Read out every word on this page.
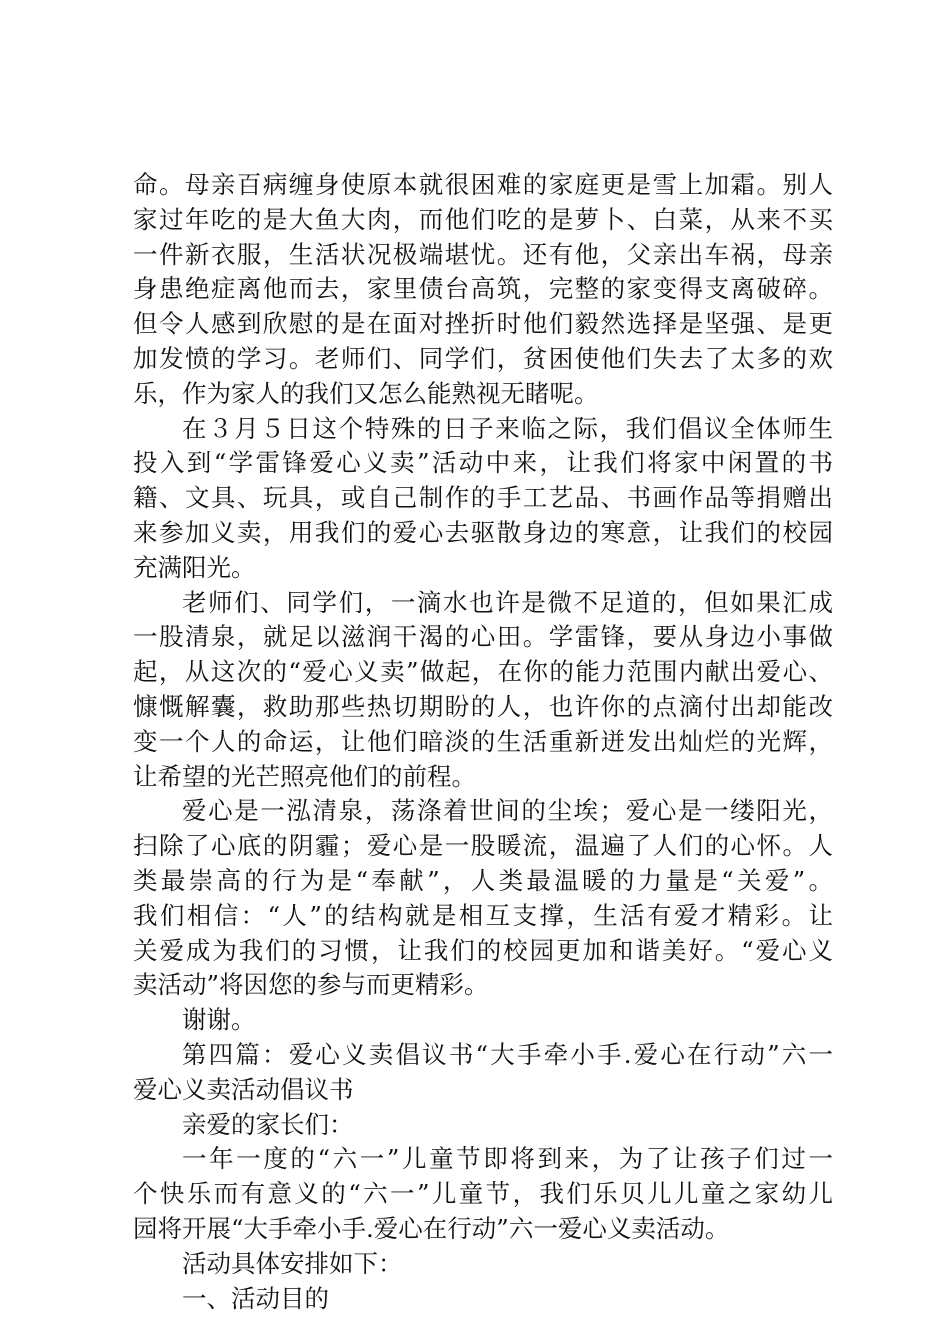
命。母亲百病缠身使原本就很困难的家庭更是雪上加霜。别人
家过年吃的是大鱼大肉，而他们吃的是萝卜、白菜，从来不买
一件新衣服，生活状况极端堪忧。还有他，父亲出车祸，母亲
身患绝症离他而去，家里债台高筑，完整的家变得支离破碎。
但令人感到欣慰的是在面对挫折时他们毅然选择是坚强、是更
加发愤的学习。老师们、同学们，贫困使他们失去了太多的欢
乐，作为家人的我们又怎么能熟视无睹呢。
在３月５日这个特殊的日子来临之际，我们倡议全体师生
投入到“学雷锋爱心义卖”活动中来，让我们将家中闲置的书
籍、文具、玩具，或自己制作的手工艺品、书画作品等捐赠出
来参加义卖，用我们的爱心去驱散身边的寒意，让我们的校园
充满阳光。
老师们、同学们，一滴水也许是微不足道的，但如果汇成
一股清泉，就足以滋润干渴的心田。学雷锋，要从身边小事做
起，从这次的“爱心义卖”做起，在你的能力范围内献出爱心、
慷慨解囊，救助那些热切期盼的人，也许你的点滴付出却能改
变一个人的命运，让他们暗淡的生活重新迸发出灿烂的光辉，
让希望的光芒照亮他们的前程。
爱心是一泓清泉，荡涤着世间的尘埃；爱心是一缕阳光，
扫除了心底的阴霾；爱心是一股暖流，温遍了人们的心怀。人
类最崇高的行为是“奉献”，人类最温暖的力量是“关爱”。
我们相信：“人”的结构就是相互支撑，生活有爱才精彩。让
关爱成为我们的习惯，让我们的校园更加和谐美好。“爱心义
卖活动”将因您的参与而更精彩。
谢谢。
第四篇：爱心义卖倡议书“大手牵小手.爱心在行动”六一
爱心义卖活动倡议书
亲爱的家长们：
一年一度的“六一”儿童节即将到来，为了让孩子们过一
个快乐而有意义的“六一”儿童节，我们乐贝儿儿童之家幼儿
园将开展“大手牵小手.爱心在行动”六一爱心义卖活动。
活动具体安排如下：
一、活动目的
